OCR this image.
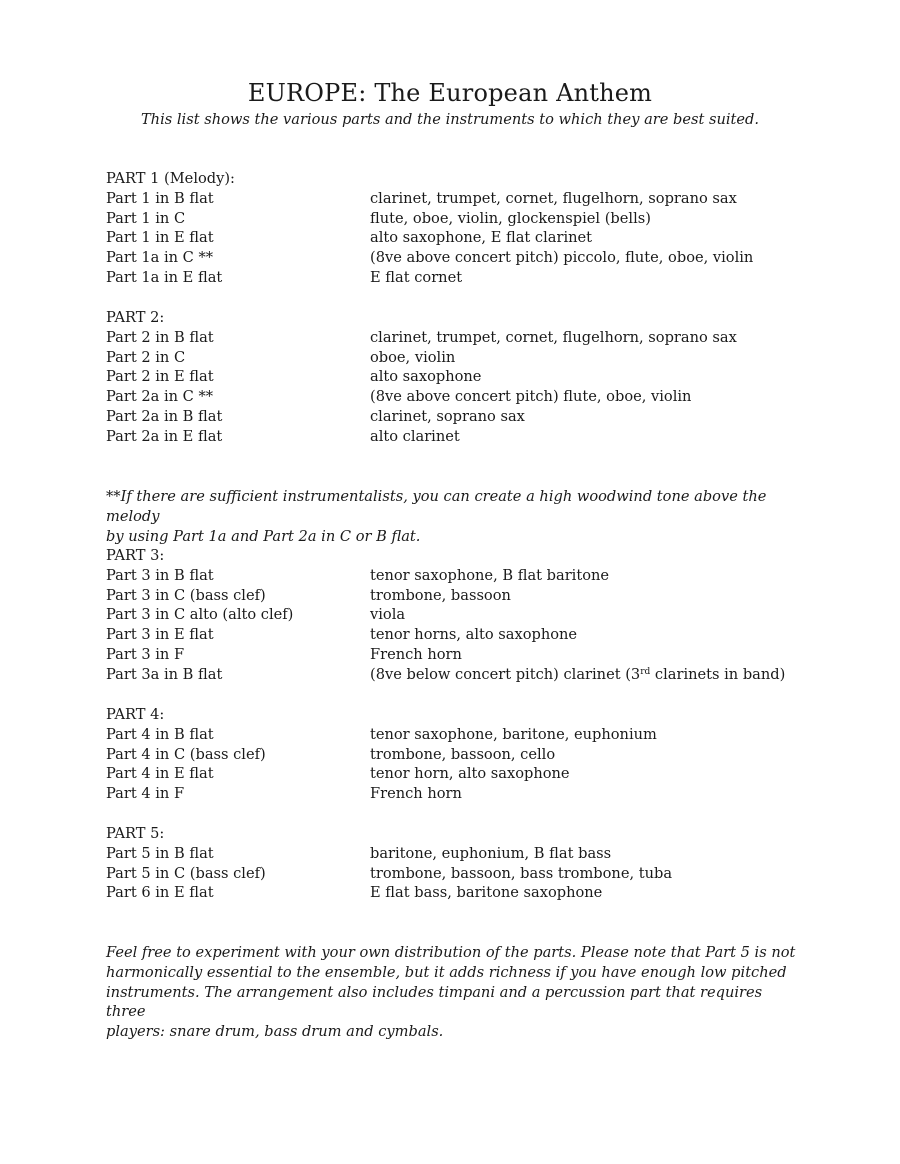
EUROPE: The European Anthem
This list shows the various parts and the instruments to which they are best suited.
PART 1 (Melody):
Part 1 in B flat	clarinet, trumpet, cornet, flugelhorn, soprano sax
Part 1 in C	flute, oboe, violin, glockenspiel (bells)
Part 1 in E flat	alto saxophone, E flat clarinet
Part 1a in C **	(8ve above concert pitch) piccolo, flute, oboe, violin
Part 1a in E flat	E flat cornet
PART 2:
Part 2 in B flat	clarinet, trumpet, cornet, flugelhorn, soprano sax
Part 2 in C	oboe, violin
Part 2 in E flat	alto saxophone
Part 2a in C **	(8ve above concert pitch) flute, oboe, violin
Part 2a in B flat	clarinet, soprano sax
Part 2a in E flat	alto clarinet
**If there are sufficient instrumentalists, you can create a high woodwind tone above the melody
by using Part 1a and Part 2a in C or B flat.
PART 3:
Part 3 in B flat	tenor saxophone, B flat baritone
Part 3 in C (bass clef)	trombone, bassoon
Part 3 in C alto (alto clef)	viola
Part 3 in E flat	tenor horns, alto saxophone
Part 3 in F	French horn
Part 3a in B flat	(8ve below concert pitch) clarinet (3rd clarinets in band)
PART 4:
Part 4 in B flat	tenor saxophone, baritone, euphonium
Part 4 in C (bass clef)	trombone, bassoon, cello
Part 4 in E flat	tenor horn, alto saxophone
Part 4 in F	French horn
PART 5:
Part 5 in B flat	baritone, euphonium, B flat bass
Part 5 in C (bass clef)	trombone, bassoon, bass trombone, tuba
Part 6 in E flat	E flat bass, baritone saxophone
Feel free to experiment with your own distribution of the parts. Please note that Part 5 is not
harmonically essential to the ensemble, but it adds richness if you have enough low pitched
instruments. The arrangement also includes timpani and a percussion part that requires three
players: snare drum, bass drum and cymbals.
